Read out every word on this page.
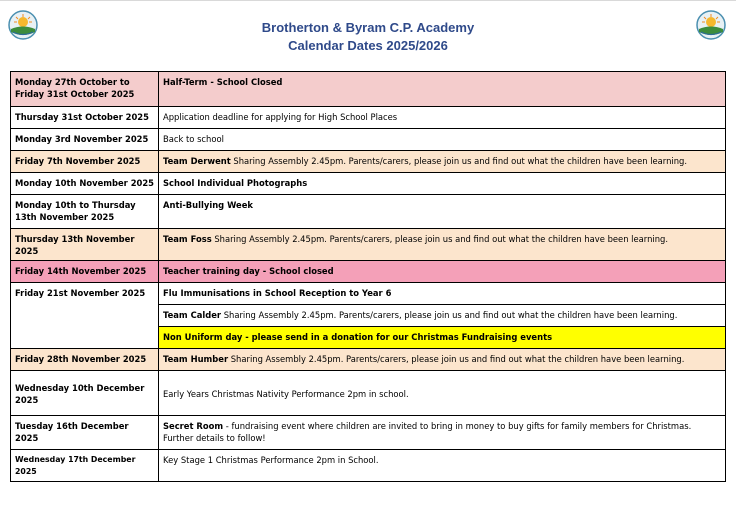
Brotherton & Byram C.P. Academy
Calendar Dates 2025/2026
Monday 27th October to Friday 31st October 2025	Half-Term - School Closed
Thursday 31st October 2025	Application deadline for applying for High School Places
Monday 3rd November 2025	Back to school
Friday 7th November 2025	Team Derwent Sharing Assembly 2.45pm. Parents/carers, please join us and find out what the children have been learning.
Monday 10th November 2025	School Individual Photographs
Monday 10th to Thursday 13th November 2025	Anti-Bullying Week
Thursday 13th November 2025	Team Foss Sharing Assembly 2.45pm. Parents/carers, please join us and find out what the children have been learning.
Friday 14th November 2025	Teacher training day - School closed
Friday 21st November 2025	Flu Immunisations in School Reception to Year 6
	Team Calder Sharing Assembly 2.45pm. Parents/carers, please join us and find out what the children have been learning.
	Non Uniform day - please send in a donation for our Christmas Fundraising events
Friday 28th November 2025	Team Humber Sharing Assembly 2.45pm. Parents/carers, please join us and find out what the children have been learning.
Wednesday 10th December 2025	Early Years Christmas Nativity Performance 2pm in school.
Tuesday 16th December 2025	Secret Room - fundraising event where children are invited to bring in money to buy gifts for family members for Christmas. Further details to follow!
Wednesday 17th December 2025	Key Stage 1 Christmas Performance 2pm in School.
